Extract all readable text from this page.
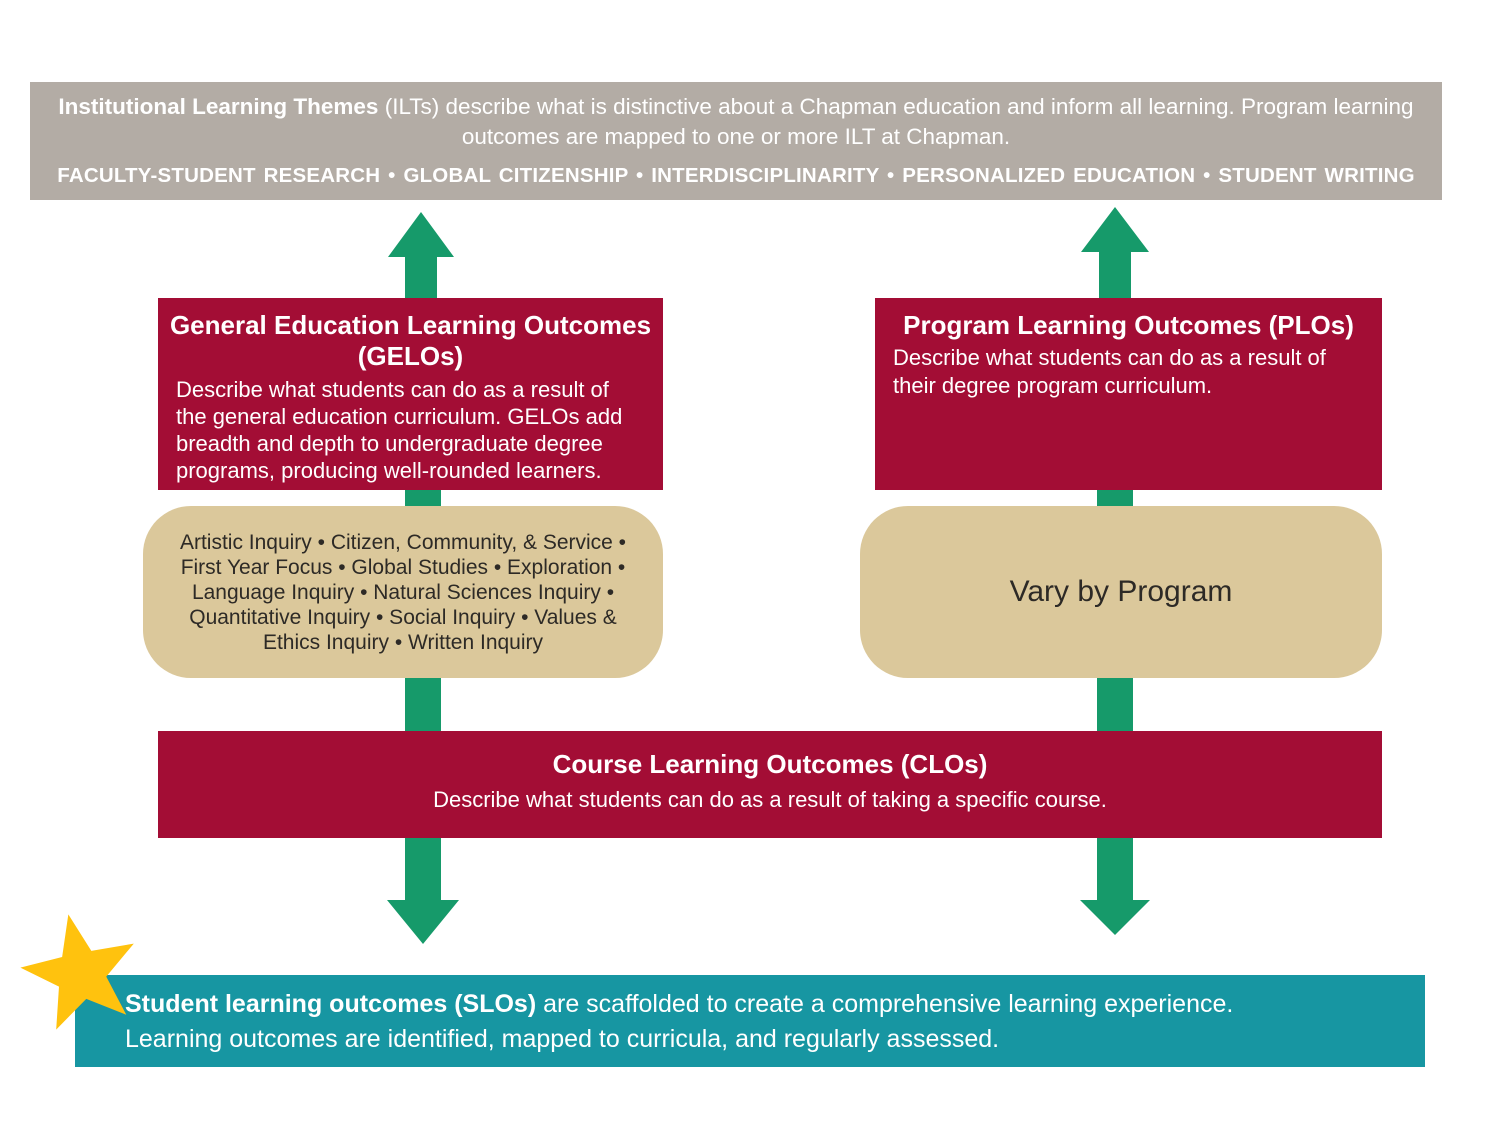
Institutional Learning Themes (ILTs) describe what is distinctive about a Chapman education and inform all learning. Program learning outcomes are mapped to one or more ILT at Chapman.
FACULTY-STUDENT RESEARCH • GLOBAL CITIZENSHIP • INTERDISCIPLINARITY • PERSONALIZED EDUCATION • STUDENT WRITING
General Education Learning Outcomes
(GELOs)
Describe what students can do as a result of the general education curriculum. GELOs add breadth and depth to undergraduate degree programs, producing well-rounded learners.
Program Learning Outcomes (PLOs)
Describe what students can do as a result of their degree program curriculum.
Artistic Inquiry • Citizen, Community, & Service • First Year Focus • Global Studies • Exploration • Language Inquiry • Natural Sciences Inquiry • Quantitative Inquiry • Social Inquiry • Values & Ethics Inquiry • Written Inquiry
Vary by Program
Course Learning Outcomes (CLOs)
Describe what students can do as a result of taking a specific course.
Student learning outcomes (SLOs) are scaffolded to create a comprehensive learning experience.
Learning outcomes are identified, mapped to curricula, and regularly assessed.
